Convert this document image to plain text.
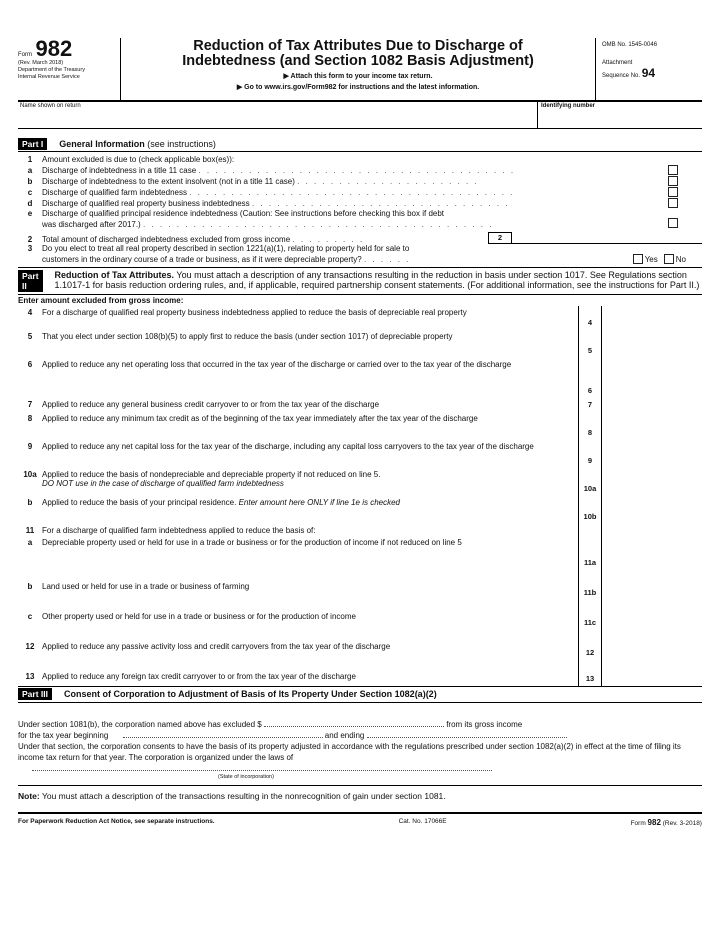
Form 982
(Rev. March 2018)
Department of the Treasury
Internal Revenue Service
Reduction of Tax Attributes Due to Discharge of
Indebtedness (and Section 1082 Basis Adjustment)
▶ Attach this form to your income tax return.
▶ Go to www.irs.gov/Form982 for instructions and the latest information.
OMB No. 1545-0046
Attachment
Sequence No. 94
Name shown on return	Identifying number
Part I	General Information (see instructions)
1	Amount excluded is due to (check applicable box(es)):
a	Discharge of indebtedness in a title 11 case . . . . . . . . . . . . . . . . . . . . . . . . . . . . . . . . . . . . . .
b	Discharge of indebtedness to the extent insolvent (not in a title 11 case) . . . . . . . . . . . . . . . . . . . . . .
c	Discharge of qualified farm indebtedness . . . . . . . . . . . . . . . . . . . . . . . . . . . . . . . . . . . . . . .
d	Discharge of qualified real property business indebtedness . . . . . . . . . . . . . . . . . . . . . . . . . . . . . . .
e	Discharge of qualified principal residence indebtedness (Caution: See instructions before checking this box if debt
was discharged after 2017.) . . . . . . . . . . . . . . . . . . . . . . . . . . . . . . . . . . . . . . . . . .
2	Total amount of discharged indebtedness excluded from gross income . . . . . . . . .	2
3	Do you elect to treat all real property described in section 1221(a)(1), relating to property held for sale to
customers in the ordinary course of a trade or business, as if it were depreciable property? . . . . . .	Yes No
Part II
Reduction of Tax Attributes. You must attach a description of any transactions resulting in the reduction in basis under section 1017. See Regulations section 1.1017-1 for basis reduction ordering rules, and, if applicable, required partnership consent statements. (For additional information, see the instructions for Part II.)
Enter amount excluded from gross income:
4	For a discharge of qualified real property business indebtedness applied to reduce the basis of depreciable real property
4
5	That you elect under section 108(b)(5) to apply first to reduce the basis (under section 1017) of depreciable property
5
6	Applied to reduce any net operating loss that occurred in the tax year of the discharge or carried over to the tax year of the discharge
6
7	Applied to reduce any general business credit carryover to or from the tax year of the discharge	7
8	Applied to reduce any minimum tax credit as of the beginning of the tax year immediately after the tax year of the discharge
8
9	Applied to reduce any net capital loss for the tax year of the discharge, including any capital loss carryovers to the tax year of the discharge
9
10a Applied to reduce the basis of nondepreciable and depreciable property if not reduced on line 5.
DO NOT use in the case of discharge of qualified farm indebtedness
10a
b	Applied to reduce the basis of your principal residence. Enter amount here ONLY if line 1e is checked
10b
11 For a discharge of qualified farm indebtedness applied to reduce the basis of:
a	Depreciable property used or held for use in a trade or business or for the production of income if not reduced on line 5
11a
b	Land used or held for use in a trade or business of farming
11b
c	Other property used or held for use in a trade or business or for the production of income
11c
12 Applied to reduce any passive activity loss and credit carryovers from the tax year of the discharge
12
13 Applied to reduce any foreign tax credit carryover to or from the tax year of the discharge	13
Part III	Consent of Corporation to Adjustment of Basis of Its Property Under Section 1082(a)(2)
Under section 1081(b), the corporation named above has excluded $	from its gross income
for the tax year beginning	and ending
Under that section, the corporation consents to have the basis of its property adjusted in accordance with the regulations prescribed under section 1082(a)(2) in effect at the time of filing its income tax return for that year. The corporation is organized under the laws of
(State of incorporation)
Note: You must attach a description of the transactions resulting in the nonrecognition of gain under section 1081.
For Paperwork Reduction Act Notice, see separate instructions.	Cat. No. 17066E	Form 982 (Rev. 3-2018)
